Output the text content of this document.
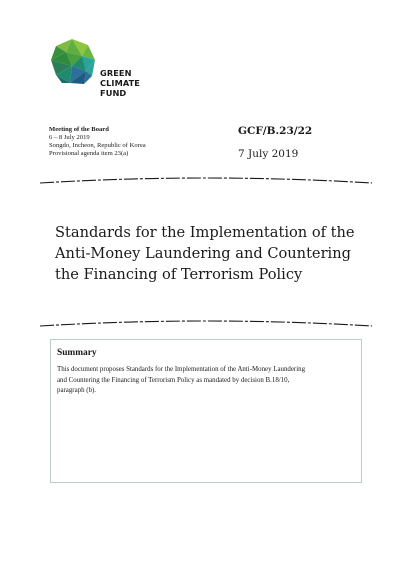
GREEN
CLIMATE
FUND
Meeting of the Board
6 – 8 July 2019
Songdo, Incheon, Republic of Korea
Provisional agenda item 23(a)
GCF/B.23/22
7 July 2019
Standards for the Implementation of the
Anti-Money Laundering and Countering
the Financing of Terrorism Policy
Summary

This document proposes Standards for the Implementation of the Anti-Money Laundering
and Countering the Financing of Terrorism Policy as mandated by decision B.18/10,
paragraph (b).
